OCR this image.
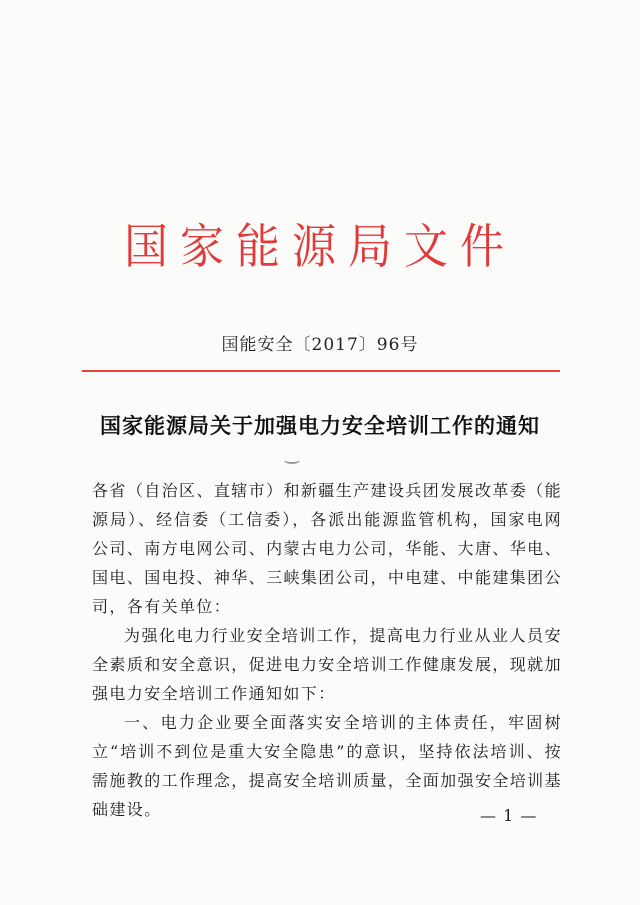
国家能源局文件
国能安全〔2017〕96号
国家能源局关于加强电力安全培训工作的通知

各省（自治区、直辖市）和新疆生产建设兵团发展改革委（能源局）、经信委（工信委），各派出能源监管机构，国家电网公司、南方电网公司、内蒙古电力公司，华能、大唐、华电、国电、国电投、神华、三峡集团公司，中电建、中能建集团公司，各有关单位：

为强化电力行业安全培训工作，提高电力行业从业人员安全素质和安全意识，促进电力安全培训工作健康发展，现就加强电力安全培训工作通知如下：

一、电力企业要全面落实安全培训的主体责任，牢固树立“培训不到位是重大安全隐患”的意识，坚持依法培训、按需施教的工作理念，提高安全培训质量，全面加强安全培训基础建设。	— 1 —
